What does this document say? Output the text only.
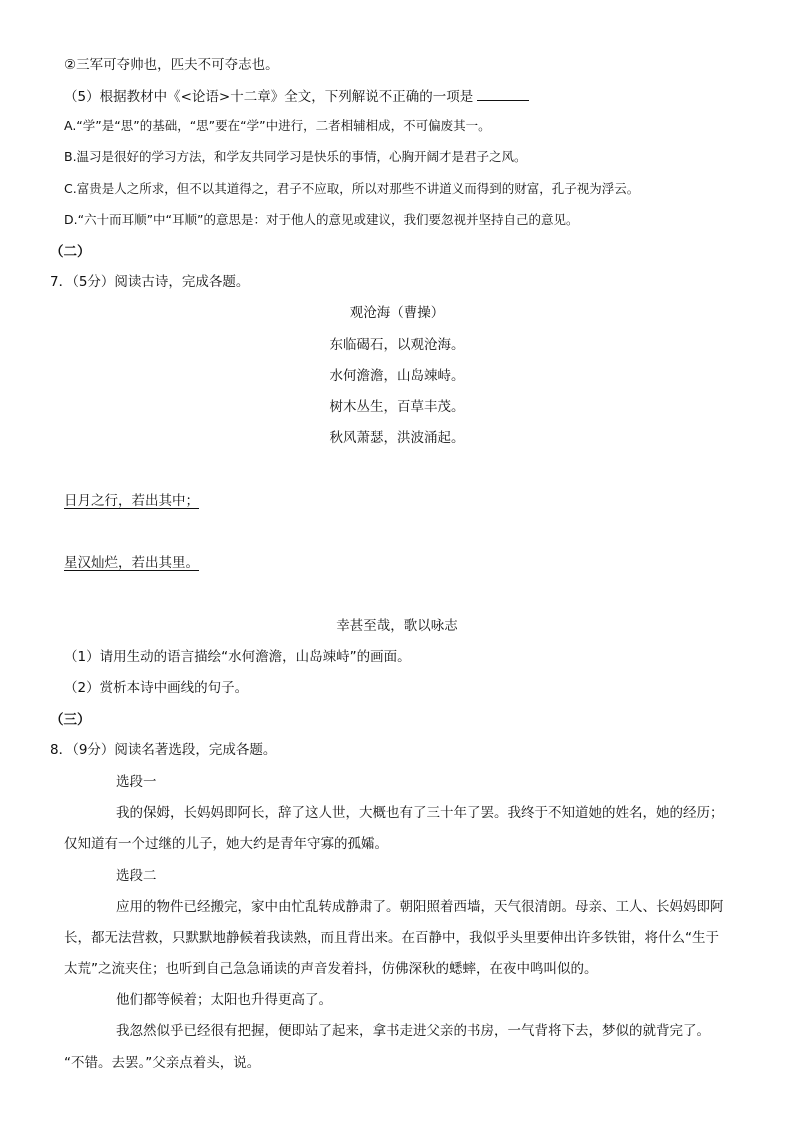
②三军可夺帅也，匹夫不可夺志也。
（5）根据教材中《<论语>十二章》全文，下列解说不正确的一项是
A.“学”是“思”的基础，“思”要在“学”中进行，二者相辅相成，不可偏废其一。
B.温习是很好的学习方法，和学友共同学习是快乐的事情，心胸开阔才是君子之风。
C.富贵是人之所求，但不以其道得之，君子不应取，所以对那些不讲道义而得到的财富，孔子视为浮云。
D.“六十而耳顺”中“耳顺”的意思是：对于他人的意见或建议，我们要忽视并坚持自己的意见。
（二）
7．（5分）阅读古诗，完成各题。
观沧海（曹操）
东临碣石，以观沧海。
水何澹澹，山岛竦峙。
树木丛生，百草丰茂。
秋风萧瑟，洪波涌起。
日月之行，若出其中；
星汉灿烂，若出其里。
幸甚至哉，歌以咏志
（1）请用生动的语言描绘“水何澹澹，山岛竦峙”的画面。
（2）赏析本诗中画线的句子。
（三）
8．（9分）阅读名著选段，完成各题。
选段一
我的保姆，长妈妈即阿长，辞了这人世，大概也有了三十年了罢。我终于不知道她的姓名，她的经历；
仅知道有一个过继的儿子，她大约是青年守寡的孤孀。
选段二
应用的物件已经搬完，家中由忙乱转成静肃了。朝阳照着西墙，天气很清朗。母亲、工人、长妈妈即阿
长，都无法营救，只默默地静候着我读熟，而且背出来。在百静中，我似乎头里要伸出许多铁钳，将什么“生于
太荒”之流夹住；也听到自己急急诵读的声音发着抖，仿佛深秋的蟋蟀，在夜中鸣叫似的。
他们都等候着；太阳也升得更高了。
我忽然似乎已经很有把握，便即站了起来，拿书走进父亲的书房，一气背将下去，梦似的就背完了。
“不错。去罢。”父亲点着头，说。
